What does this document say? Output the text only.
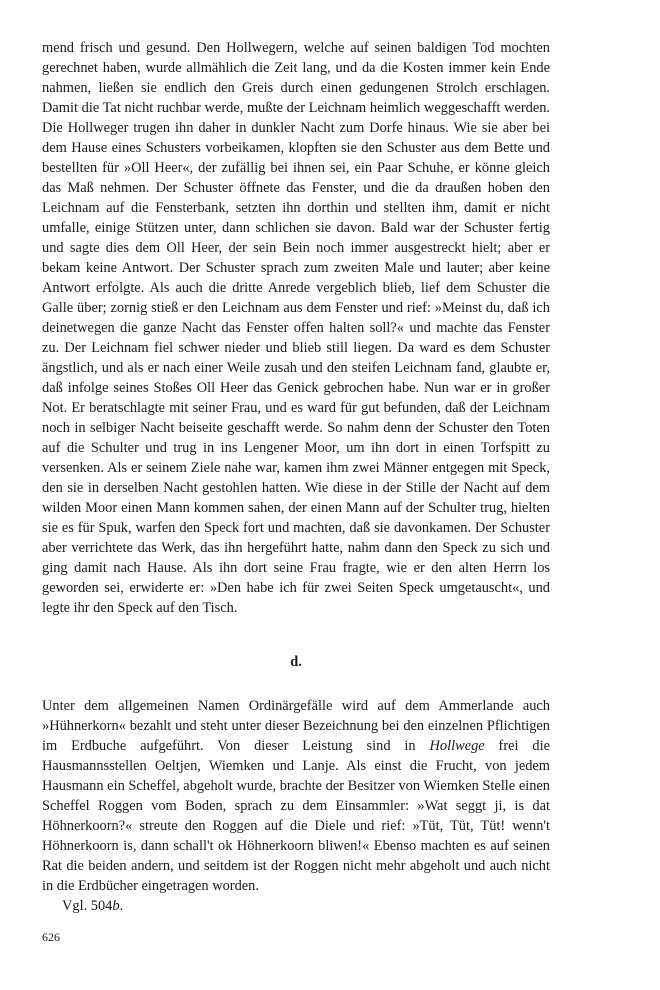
mend frisch und gesund. Den Hollwegern, welche auf seinen baldigen Tod mochten gerechnet haben, wurde allmählich die Zeit lang, und da die Kosten immer kein Ende nahmen, ließen sie endlich den Greis durch einen gedungenen Strolch erschlagen. Damit die Tat nicht ruchbar werde, mußte der Leichnam heimlich weggeschafft werden. Die Hollweger trugen ihn daher in dunkler Nacht zum Dorfe hinaus. Wie sie aber bei dem Hause eines Schusters vorbeikamen, klopften sie den Schuster aus dem Bette und bestellten für »Oll Heer«, der zufällig bei ihnen sei, ein Paar Schuhe, er könne gleich das Maß nehmen. Der Schuster öffnete das Fenster, und die da draußen hoben den Leichnam auf die Fensterbank, setzten ihn dorthin und stellten ihm, damit er nicht umfalle, einige Stützen unter, dann schlichen sie davon. Bald war der Schuster fertig und sagte dies dem Oll Heer, der sein Bein noch immer ausgestreckt hielt; aber er bekam keine Antwort. Der Schuster sprach zum zweiten Male und lauter; aber keine Antwort erfolgte. Als auch die dritte Anrede vergeblich blieb, lief dem Schuster die Galle über; zornig stieß er den Leichnam aus dem Fenster und rief: »Meinst du, daß ich deinetwegen die ganze Nacht das Fenster offen halten soll?« und machte das Fenster zu. Der Leichnam fiel schwer nieder und blieb still liegen. Da ward es dem Schuster ängstlich, und als er nach einer Weile zusah und den steifen Leichnam fand, glaubte er, daß infolge seines Stoßes Oll Heer das Genick gebrochen habe. Nun war er in großer Not. Er beratschlagte mit seiner Frau, und es ward für gut befunden, daß der Leichnam noch in selbiger Nacht beiseite geschafft werde. So nahm denn der Schuster den Toten auf die Schulter und trug in ins Lengener Moor, um ihn dort in einen Torfspitt zu versenken. Als er seinem Ziele nahe war, kamen ihm zwei Männer entgegen mit Speck, den sie in derselben Nacht gestohlen hatten. Wie diese in der Stille der Nacht auf dem wilden Moor einen Mann kommen sahen, der einen Mann auf der Schulter trug, hielten sie es für Spuk, warfen den Speck fort und machten, daß sie davonkamen. Der Schuster aber verrichtete das Werk, das ihn hergeführt hatte, nahm dann den Speck zu sich und ging damit nach Hause. Als ihn dort seine Frau fragte, wie er den alten Herrn los geworden sei, erwiderte er: »Den habe ich für zwei Seiten Speck umgetauscht«, und legte ihr den Speck auf den Tisch.

d.

Unter dem allgemeinen Namen Ordinärgefälle wird auf dem Ammerlande auch »Hühnerkorn« bezahlt und steht unter dieser Bezeichnung bei den einzelnen Pflichtigen im Erdbuche aufgeführt. Von dieser Leistung sind in Hollwege frei die Hausmannsstellen Oeltjen, Wiemken und Lanje. Als einst die Frucht, von jedem Hausmann ein Scheffel, abgeholt wurde, brachte der Besitzer von Wiemken Stelle einen Scheffel Roggen vom Boden, sprach zu dem Einsammler: »Wat seggt ji, is dat Höhnerkoorn?« streute den Roggen auf die Diele und rief: »Tüt, Tüt, Tüt! wenn't Höhnerkoorn is, dann schall't ok Höhnerkoorn bliwen!« Ebenso machten es auf seinen Rat die beiden andern, und seitdem ist der Roggen nicht mehr abgeholt und auch nicht in die Erdbücher eingetragen worden.

Vgl. 504b.

626
